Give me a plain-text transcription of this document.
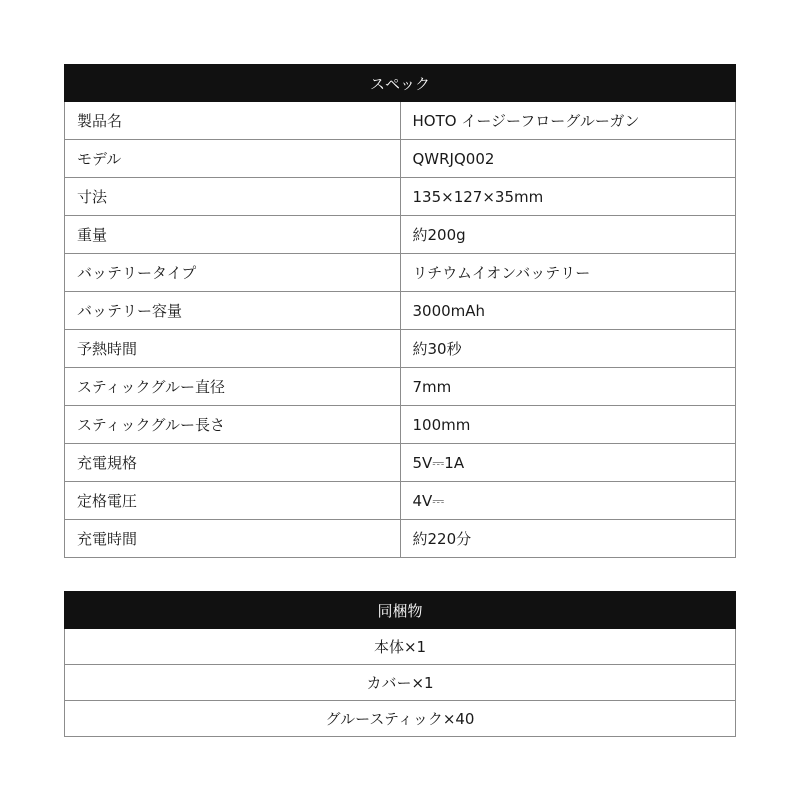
スペック	
製品名	HOTO イージーフローグルーガン
モデル	QWRJQ002
寸法	135×127×35mm
重量	約200g
バッテリータイプ	リチウムイオンバッテリー
バッテリー容量	3000mAh
予熱時間	約30秒
スティックグルー直径	7mm
スティックグルー長さ	100mm
充電規格	5V⎓1A
定格電圧	4V⎓
充電時間	約220分
同梱物
本体×1
カバー×1
グルースティック×40
